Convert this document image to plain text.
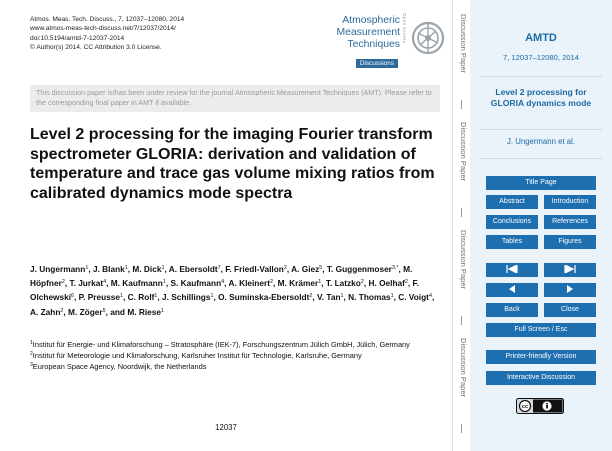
Atmos. Meas. Tech. Discuss., 7, 12037–12080, 2014
www.atmos-meas-tech-discuss.net/7/12037/2014/
doi:10.5194/amtd-7-12037-2014
© Author(s) 2014. CC Attribution 3.0 License.
Atmospheric
Measurement
Techniques
Discussions
Open Access
This discussion paper is/has been under review for the journal Atmospheric Measurement Techniques (AMT). Please refer to the corresponding final paper in AMT if available.
Level 2 processing for the imaging Fourier transform spectrometer GLORIA: derivation and validation of temperature and trace gas volume mixing ratios from calibrated dynamics mode spectra
J. Ungermann$^1$, J. Blank$^1$, M. Dick$^1$, A. Ebersoldt$^7$, F. Friedl-Vallon$^2$, A. Giez$^5$, T. Guggenmoser$^{3,*}$, M. Höpfner$^2$, T. Jurkat$^4$, M. Kaufmann$^1$, S. Kaufmann$^4$, A. Kleinert$^2$, M. Krämer$^1$, T. Latzko$^2$, H. Oelhaf$^2$, F. Olchewski$^6$, P. Preusse$^1$, C. Rolf$^1$, J. Schillings$^1$, O. Suminska-Ebersoldt$^2$, V. Tan$^1$, N. Thomas$^1$, C. Voigt$^4$, A. Zahn$^2$, M. Zöger$^5$, and M. Riese$^1$
$^1$Institut für Energie- und Klimaforschung – Stratosphäre (IEK-7), Forschungszentrum Jülich GmbH, Jülich, Germany
$^2$Institut für Meteorologie und Klimaforschung, Karlsruher Institut für Technologie, Karlsruhe, Germany
$^3$European Space Agency, Noordwijk, the Netherlands
12037
Discussion Paper
Discussion Paper
Discussion Paper
Discussion Paper
AMTD
7, 12037–12080, 2014
Level 2 processing for GLORIA dynamics mode
J. Ungermann et al.
Title Page
Abstract	Introduction
Conclusions	References
Tables	Figures
Back	Close
Full Screen / Esc
Printer-friendly Version
Interactive Discussion
cc
